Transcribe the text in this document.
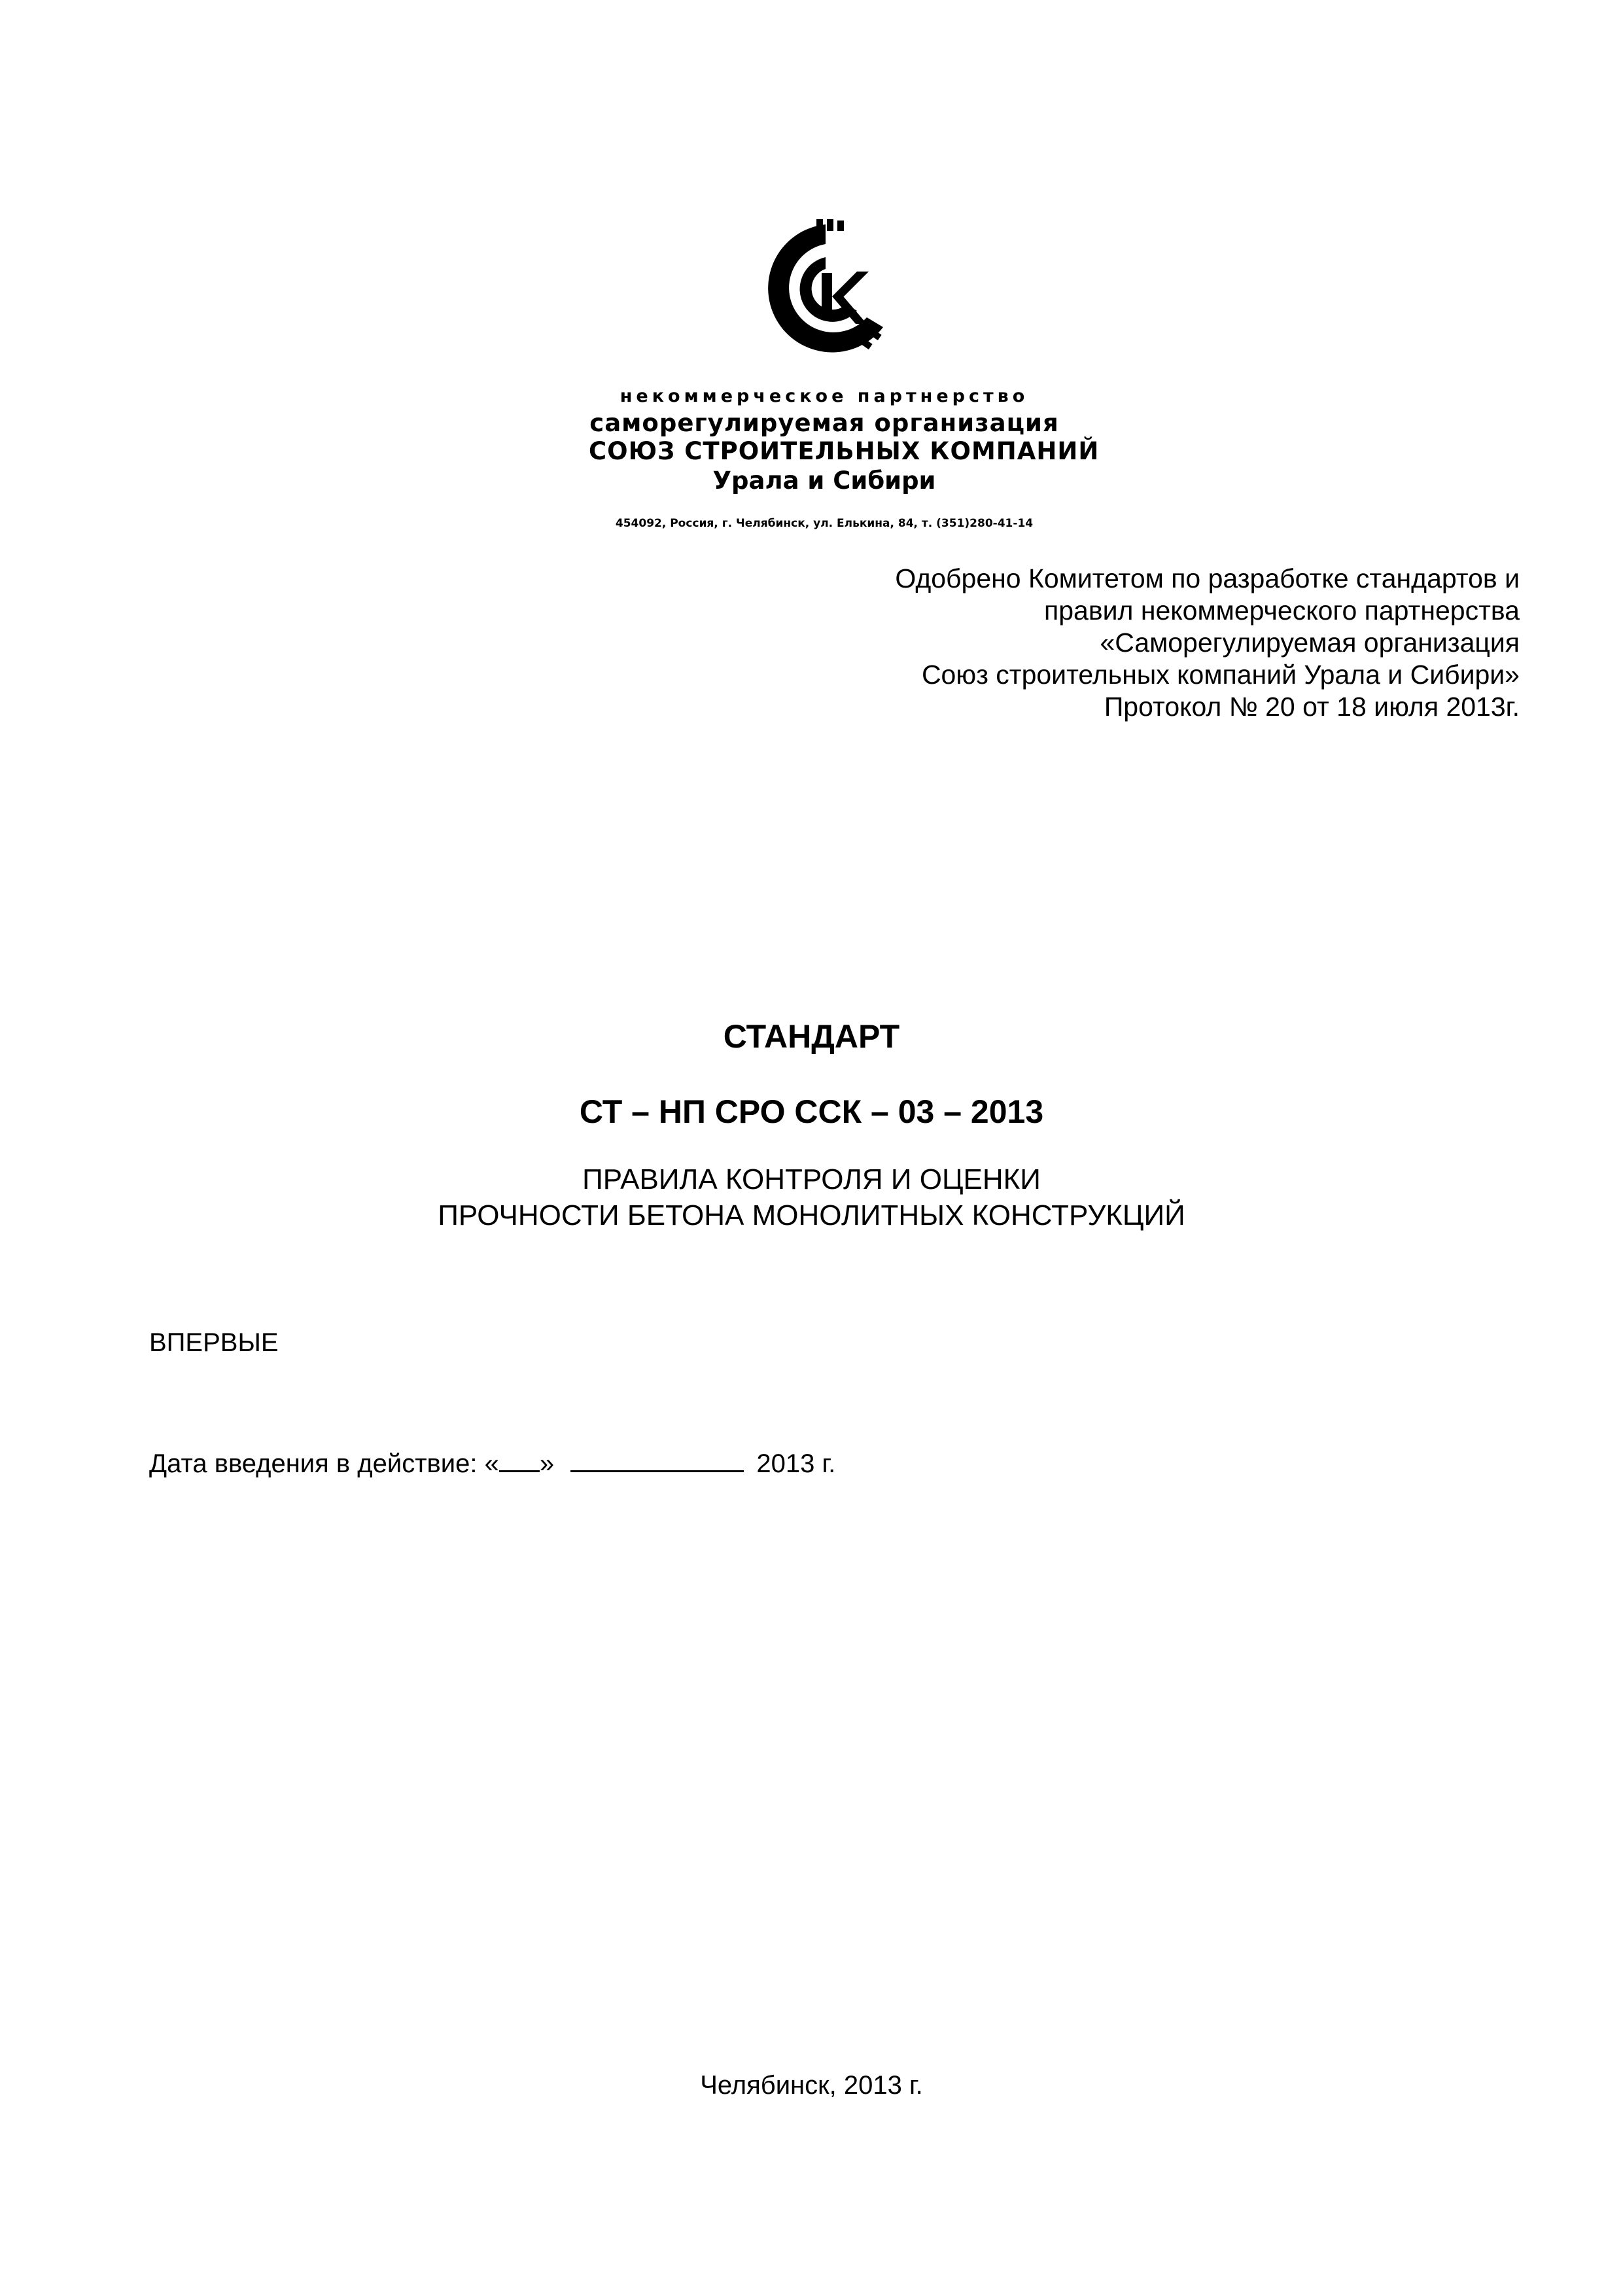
некоммерческое партнерство
саморегулируемая организация
СОЮЗ СТРОИТЕЛЬНЫХ КОМПАНИЙ
Урала и Сибири
454092, Россия, г. Челябинск, ул. Елькина, 84, т. (351)280-41-14
Одобрено Комитетом по разработке стандартов и
правил некоммерческого партнерства
«Саморегулируемая организация
Союз строительных компаний Урала и Сибири»
Протокол № 20 от 18 июля 2013г.
СТАНДАРТ
СТ – НП СРО ССК – 03 – 2013
ПРАВИЛА КОНТРОЛЯ И ОЦЕНКИ
ПРОЧНОСТИ БЕТОНА МОНОЛИТНЫХ КОНСТРУКЦИЙ
ВПЕРВЫЕ
Дата введения в действие: « »	2013 г.
Челябинск, 2013 г.
